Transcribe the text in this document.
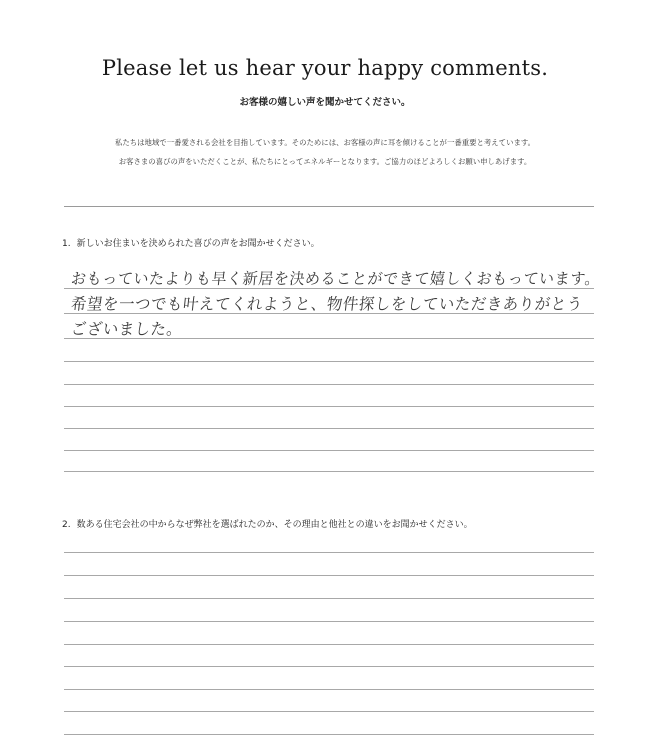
Please let us hear your happy comments.
お客様の嬉しい声を聞かせてください。
私たちは地域で一番愛される会社を目指しています。そのためには、お客様の声に耳を傾けることが一番重要と考えています。
お客さまの喜びの声をいただくことが、私たちにとってエネルギーとなります。ご協力のほどよろしくお願い申しあげます。
1. 新しいお住まいを決められた喜びの声をお聞かせください。
おもっていたよりも早く新居を決めることができて嬉しくおもっています。
希望を一つでも叶えてくれようと、物件探しをしていただきありがとう
ございました。
2. 数ある住宅会社の中からなぜ弊社を選ばれたのか、その理由と他社との違いをお聞かせください。
